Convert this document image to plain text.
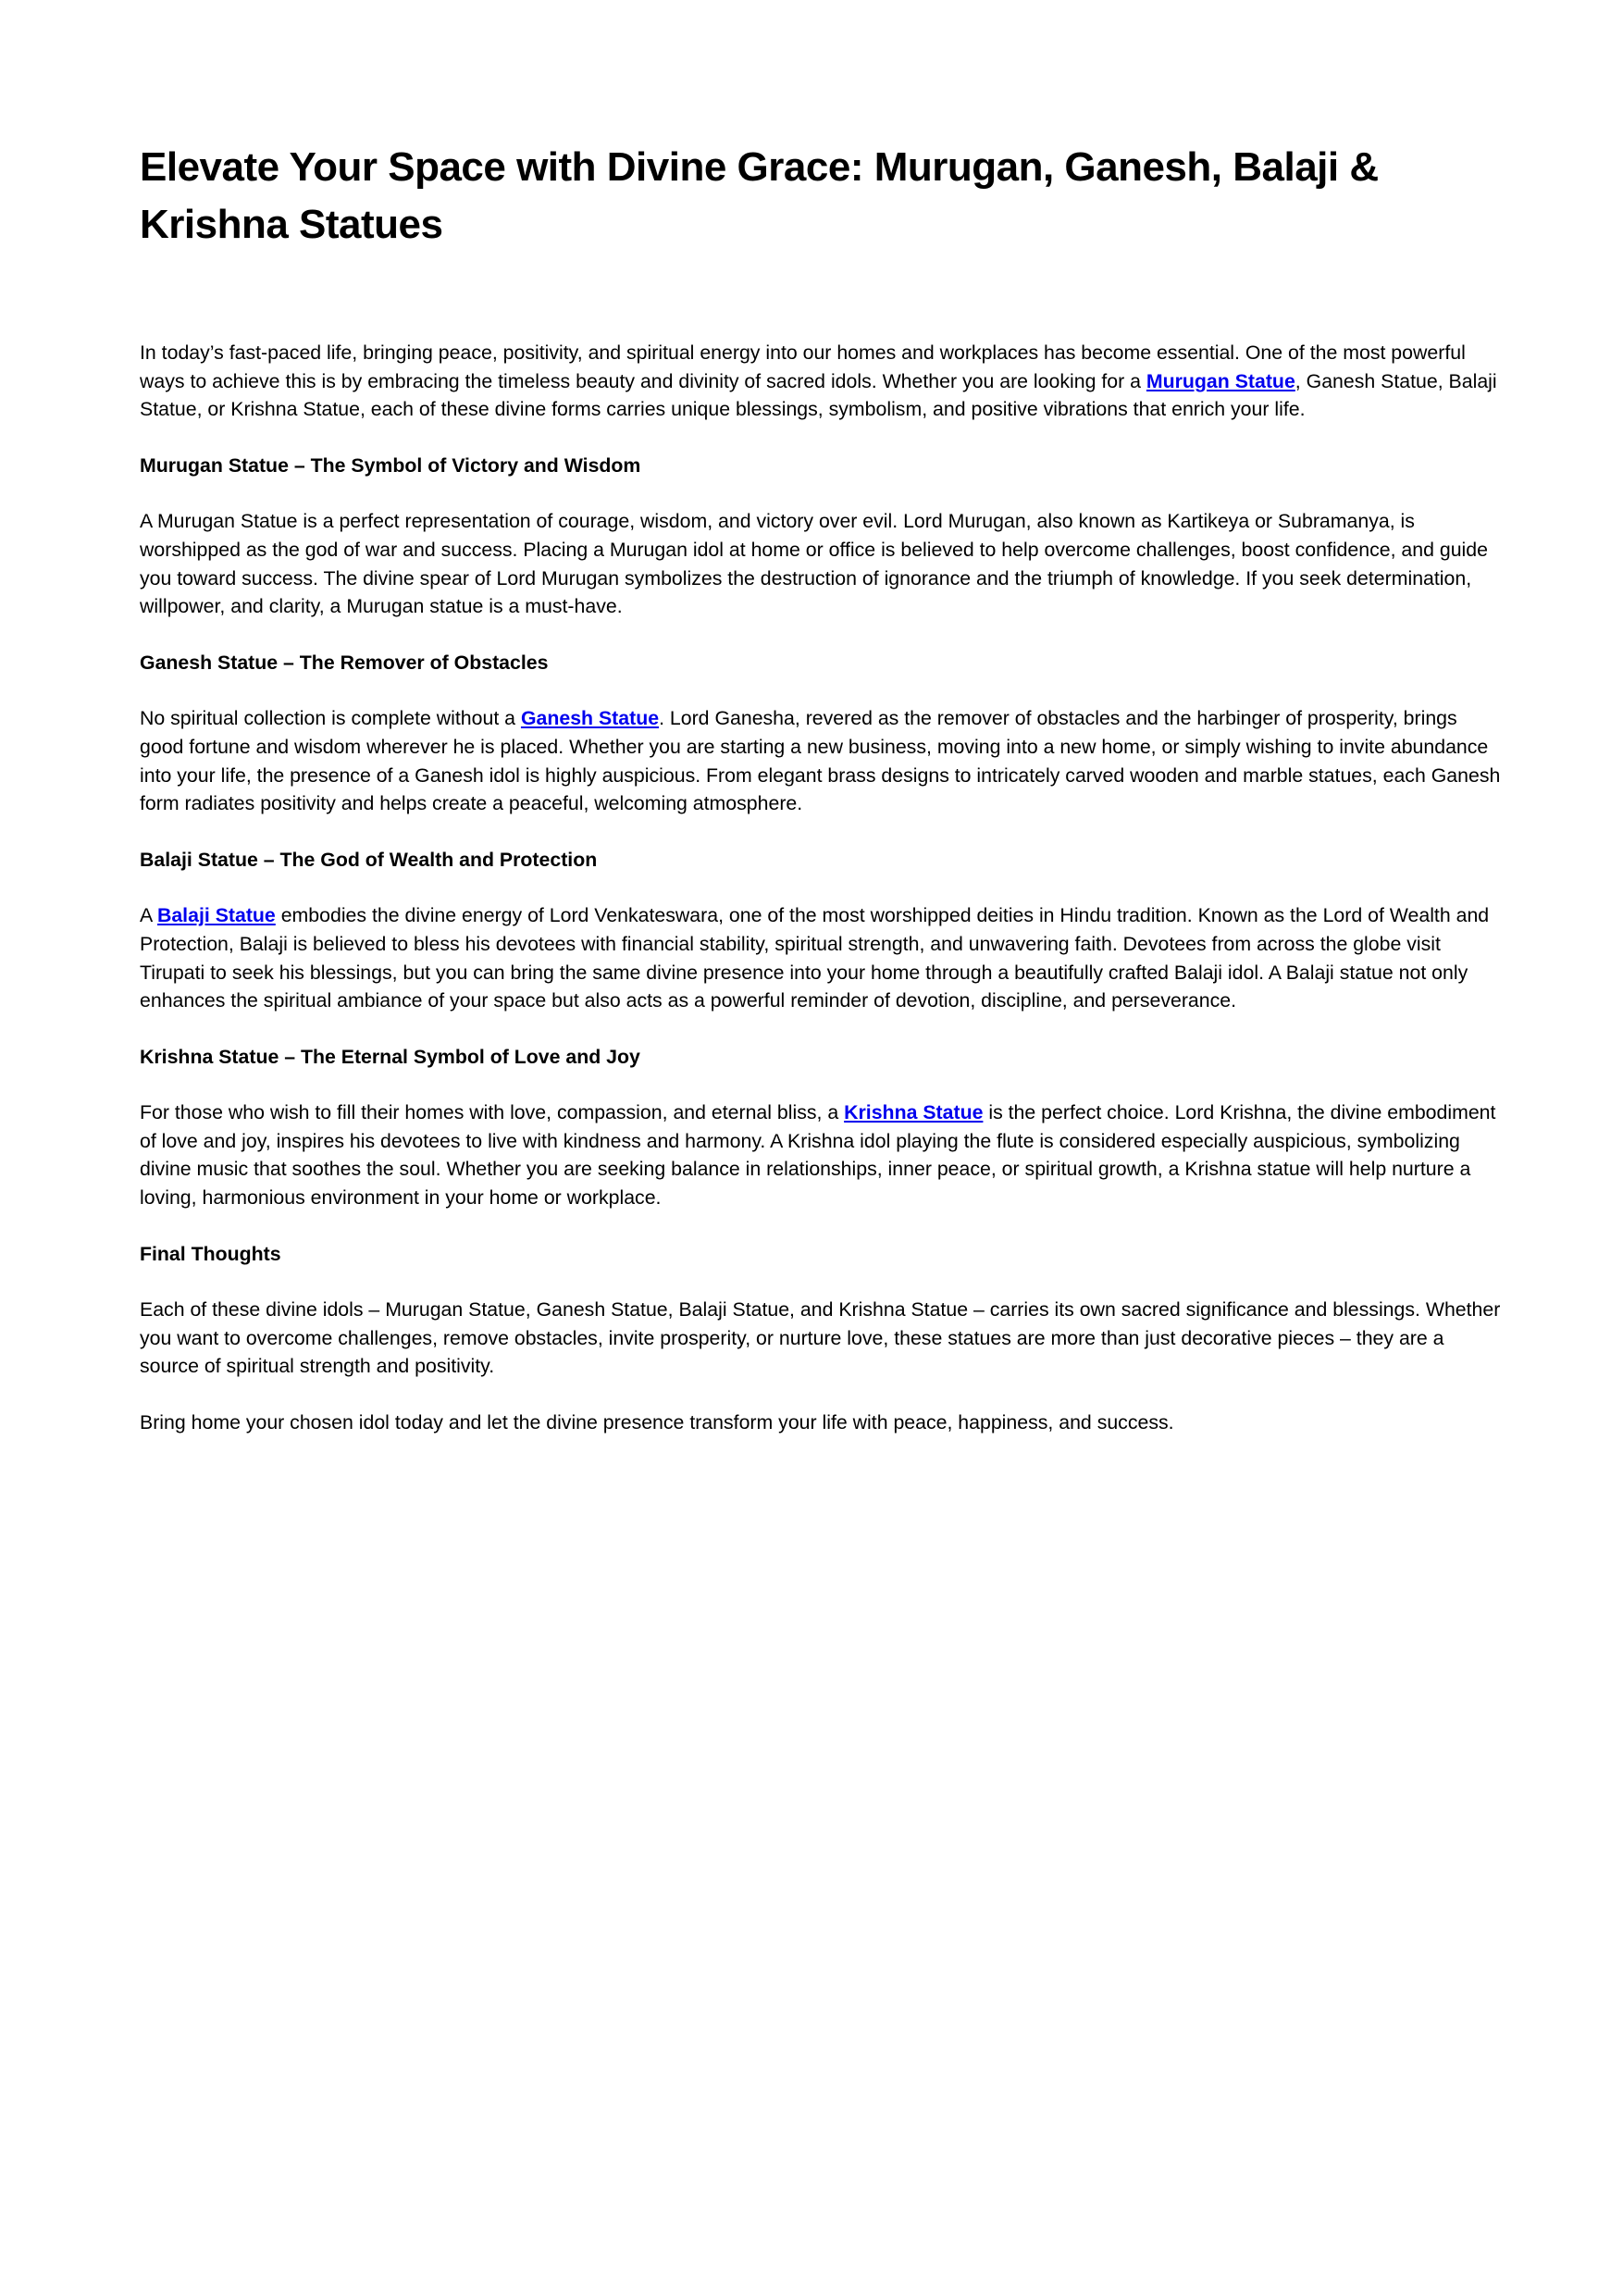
Elevate Your Space with Divine Grace: Murugan, Ganesh, Balaji & Krishna Statues

In today’s fast-paced life, bringing peace, positivity, and spiritual energy into our homes and workplaces has become essential. One of the most powerful ways to achieve this is by embracing the timeless beauty and divinity of sacred idols. Whether you are looking for a Murugan Statue, Ganesh Statue, Balaji Statue, or Krishna Statue, each of these divine forms carries unique blessings, symbolism, and positive vibrations that enrich your life.

Murugan Statue – The Symbol of Victory and Wisdom

A Murugan Statue is a perfect representation of courage, wisdom, and victory over evil. Lord Murugan, also known as Kartikeya or Subramanya, is worshipped as the god of war and success. Placing a Murugan idol at home or office is believed to help overcome challenges, boost confidence, and guide you toward success. The divine spear of Lord Murugan symbolizes the destruction of ignorance and the triumph of knowledge. If you seek determination, willpower, and clarity, a Murugan statue is a must-have.

Ganesh Statue – The Remover of Obstacles

No spiritual collection is complete without a Ganesh Statue. Lord Ganesha, revered as the remover of obstacles and the harbinger of prosperity, brings good fortune and wisdom wherever he is placed. Whether you are starting a new business, moving into a new home, or simply wishing to invite abundance into your life, the presence of a Ganesh idol is highly auspicious. From elegant brass designs to intricately carved wooden and marble statues, each Ganesh form radiates positivity and helps create a peaceful, welcoming atmosphere.

Balaji Statue – The God of Wealth and Protection

A Balaji Statue embodies the divine energy of Lord Venkateswara, one of the most worshipped deities in Hindu tradition. Known as the Lord of Wealth and Protection, Balaji is believed to bless his devotees with financial stability, spiritual strength, and unwavering faith. Devotees from across the globe visit Tirupati to seek his blessings, but you can bring the same divine presence into your home through a beautifully crafted Balaji idol. A Balaji statue not only enhances the spiritual ambiance of your space but also acts as a powerful reminder of devotion, discipline, and perseverance.

Krishna Statue – The Eternal Symbol of Love and Joy

For those who wish to fill their homes with love, compassion, and eternal bliss, a Krishna Statue is the perfect choice. Lord Krishna, the divine embodiment of love and joy, inspires his devotees to live with kindness and harmony. A Krishna idol playing the flute is considered especially auspicious, symbolizing divine music that soothes the soul. Whether you are seeking balance in relationships, inner peace, or spiritual growth, a Krishna statue will help nurture a loving, harmonious environment in your home or workplace.

Final Thoughts

Each of these divine idols – Murugan Statue, Ganesh Statue, Balaji Statue, and Krishna Statue – carries its own sacred significance and blessings. Whether you want to overcome challenges, remove obstacles, invite prosperity, or nurture love, these statues are more than just decorative pieces – they are a source of spiritual strength and positivity.

Bring home your chosen idol today and let the divine presence transform your life with peace, happiness, and success.
